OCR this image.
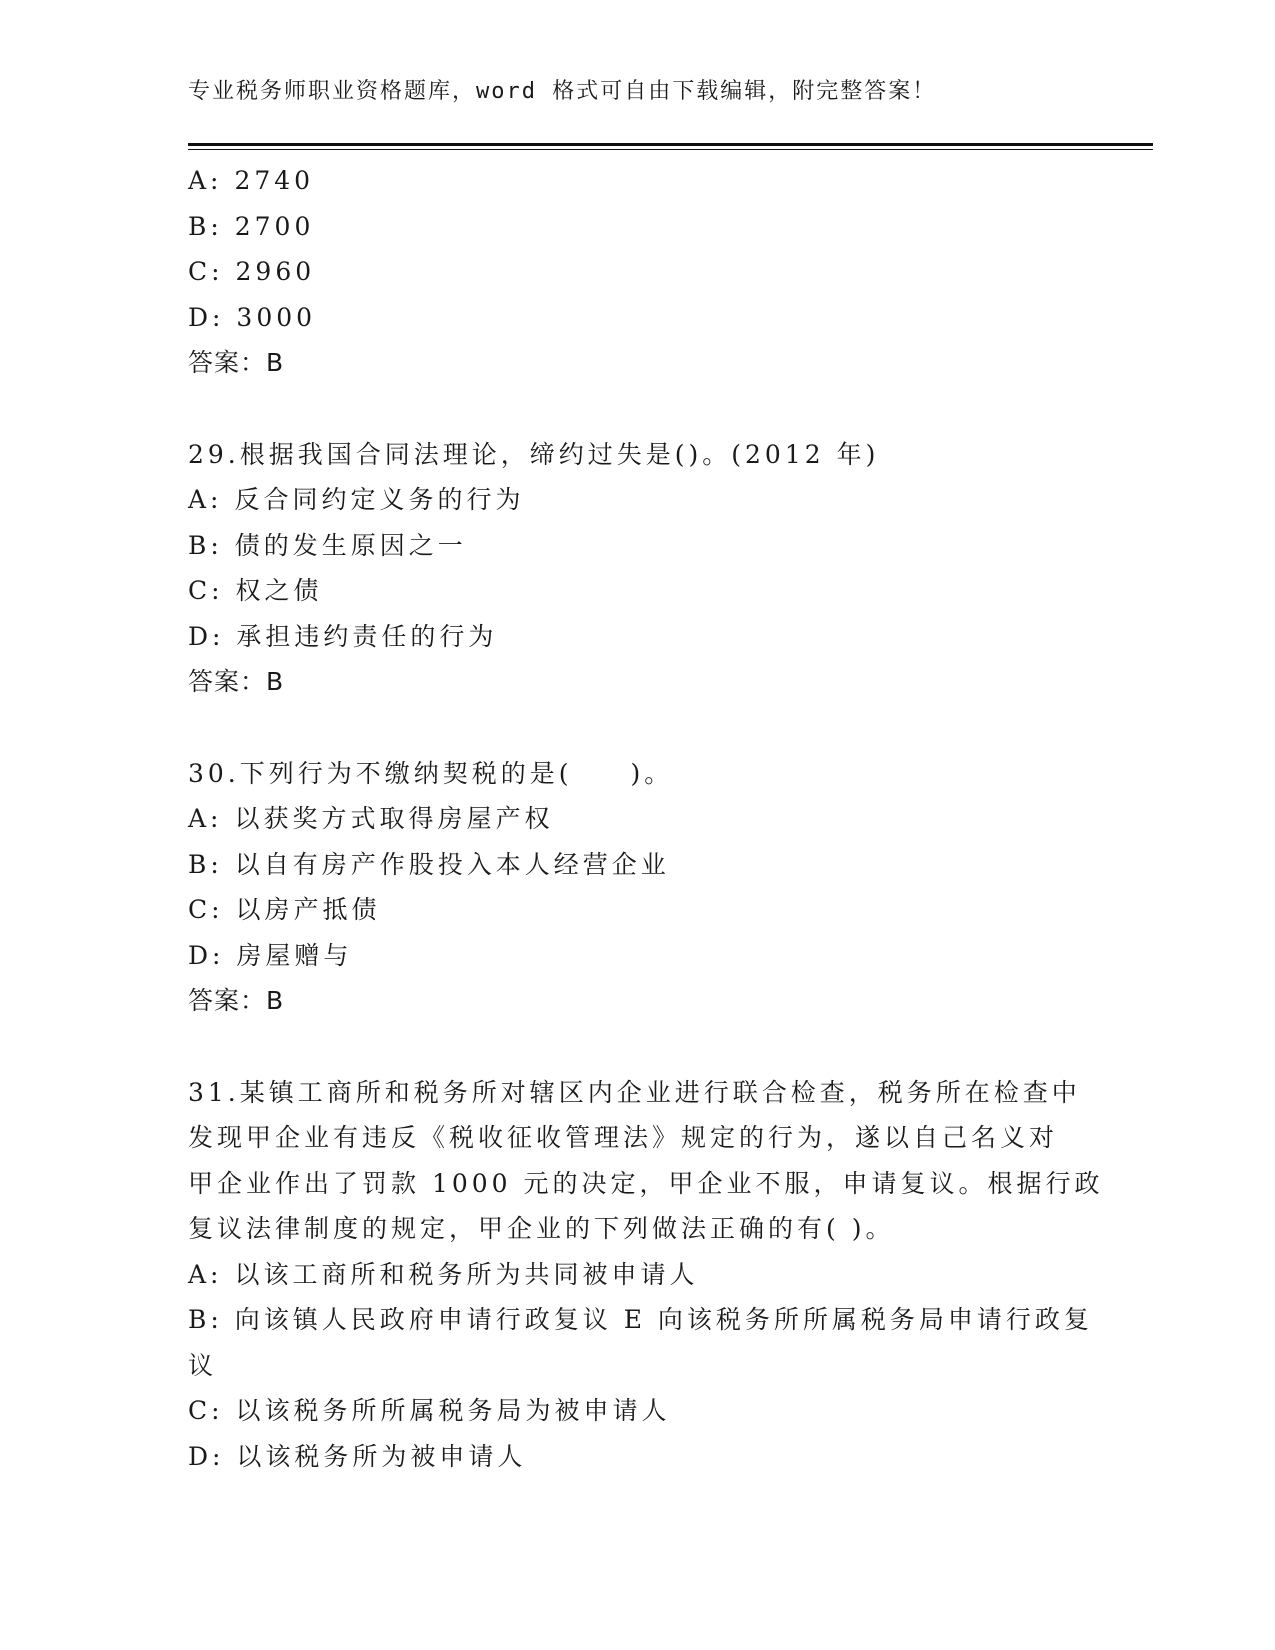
专业税务师职业资格题库，word 格式可自由下载编辑，附完整答案！
A: 2740
B: 2700
C: 2960
D: 3000
答案：B
29.根据我国合同法理论，缔约过失是()。(2012 年)
A: 反合同约定义务的行为
B: 债的发生原因之一
C: 权之债
D: 承担违约责任的行为
答案：B
30.下列行为不缴纳契税的是(　　)。
A: 以获奖方式取得房屋产权
B: 以自有房产作股投入本人经营企业
C: 以房产抵债
D: 房屋赠与
答案：B
31.某镇工商所和税务所对辖区内企业进行联合检查，税务所在检查中
发现甲企业有违反《税收征收管理法》规定的行为，遂以自己名义对
甲企业作出了罚款 1000 元的决定，甲企业不服，申请复议。根据行政
复议法律制度的规定，甲企业的下列做法正确的有( )。
A: 以该工商所和税务所为共同被申请人
B: 向该镇人民政府申请行政复议 E 向该税务所所属税务局申请行政复
议
C: 以该税务所所属税务局为被申请人
D: 以该税务所为被申请人
